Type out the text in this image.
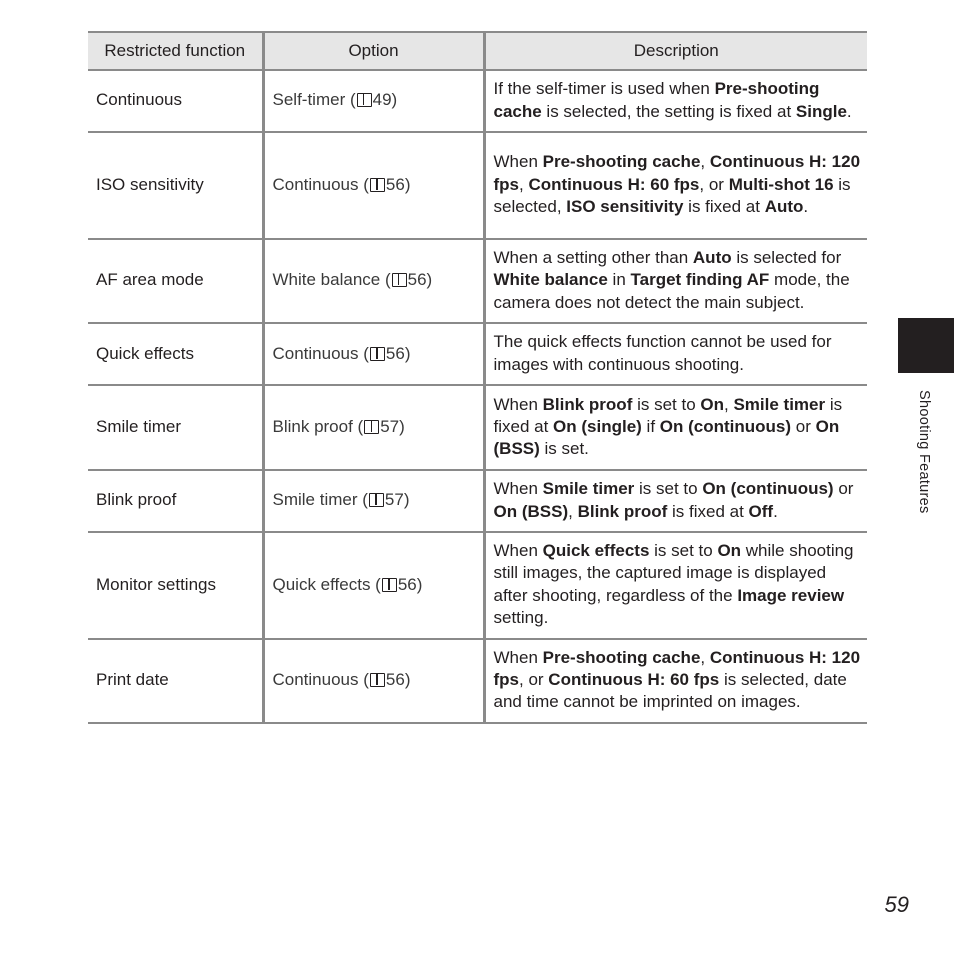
Restricted function	Option	Description
Continuous	Self-timer ( 49)	If the self-timer is used when Pre-shooting cache is selected, the setting is fixed at Single.
ISO sensitivity	Continuous ( 56)	When Pre-shooting cache, Continuous H: 120 fps, Continuous H: 60 fps, or Multi-shot 16 is selected, ISO sensitivity is fixed at Auto.
AF area mode	White balance ( 56)	When a setting other than Auto is selected for White balance in Target finding AF mode, the camera does not detect the main subject.
Quick effects	Continuous ( 56)	The quick effects function cannot be used for images with continuous shooting.
Smile timer	Blink proof ( 57)	When Blink proof is set to On, Smile timer is fixed at On (single) if On (continuous) or On (BSS) is set.
Blink proof	Smile timer ( 57)	When Smile timer is set to On (continuous) or On (BSS), Blink proof is fixed at Off.
Monitor settings	Quick effects ( 56)	When Quick effects is set to On while shooting still images, the captured image is displayed after shooting, regardless of the Image review setting.
Print date	Continuous ( 56)	When Pre-shooting cache, Continuous H: 120 fps, or Continuous H: 60 fps is selected, date and time cannot be imprinted on images.
Shooting Features
59
